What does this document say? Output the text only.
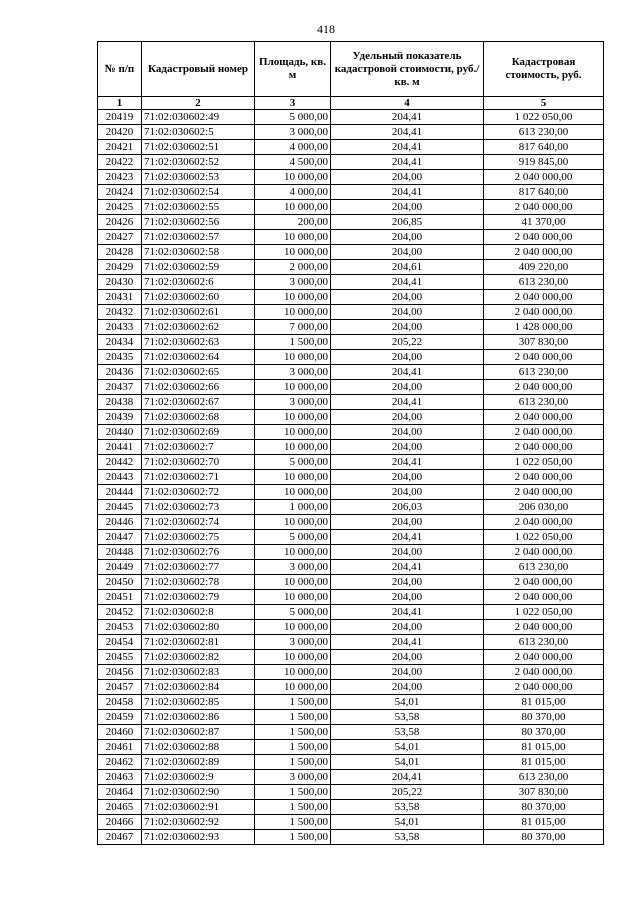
418
№ п/п	Кадастровый номер	Площадь, кв. м	Удельный показатель кадастровой стоимости, руб./кв. м	Кадастровая стоимость, руб.
1	2	3	4	5
20419	71:02:030602:49	5 000,00	204,41	1 022 050,00
20420	71:02:030602:5	3 000,00	204,41	613 230,00
20421	71:02:030602:51	4 000,00	204,41	817 640,00
20422	71:02:030602:52	4 500,00	204,41	919 845,00
20423	71:02:030602:53	10 000,00	204,00	2 040 000,00
20424	71:02:030602:54	4 000,00	204,41	817 640,00
20425	71:02:030602:55	10 000,00	204,00	2 040 000,00
20426	71:02:030602:56	200,00	206,85	41 370,00
20427	71:02:030602:57	10 000,00	204,00	2 040 000,00
20428	71:02:030602:58	10 000,00	204,00	2 040 000,00
20429	71:02:030602:59	2 000,00	204,61	409 220,00
20430	71:02:030602:6	3 000,00	204,41	613 230,00
20431	71:02:030602:60	10 000,00	204,00	2 040 000,00
20432	71:02:030602:61	10 000,00	204,00	2 040 000,00
20433	71:02:030602:62	7 000,00	204,00	1 428 000,00
20434	71:02:030602:63	1 500,00	205,22	307 830,00
20435	71:02:030602:64	10 000,00	204,00	2 040 000,00
20436	71:02:030602:65	3 000,00	204,41	613 230,00
20437	71:02:030602:66	10 000,00	204,00	2 040 000,00
20438	71:02:030602:67	3 000,00	204,41	613 230,00
20439	71:02:030602:68	10 000,00	204,00	2 040 000,00
20440	71:02:030602:69	10 000,00	204,00	2 040 000,00
20441	71:02:030602:7	10 000,00	204,00	2 040 000,00
20442	71:02:030602:70	5 000,00	204,41	1 022 050,00
20443	71:02:030602:71	10 000,00	204,00	2 040 000,00
20444	71:02:030602:72	10 000,00	204,00	2 040 000,00
20445	71:02:030602:73	1 000,00	206,03	206 030,00
20446	71:02:030602:74	10 000,00	204,00	2 040 000,00
20447	71:02:030602:75	5 000,00	204,41	1 022 050,00
20448	71:02:030602:76	10 000,00	204,00	2 040 000,00
20449	71:02:030602:77	3 000,00	204,41	613 230,00
20450	71:02:030602:78	10 000,00	204,00	2 040 000,00
20451	71:02:030602:79	10 000,00	204,00	2 040 000,00
20452	71:02:030602:8	5 000,00	204,41	1 022 050,00
20453	71:02:030602:80	10 000,00	204,00	2 040 000,00
20454	71:02:030602:81	3 000,00	204,41	613 230,00
20455	71:02:030602:82	10 000,00	204,00	2 040 000,00
20456	71:02:030602:83	10 000,00	204,00	2 040 000,00
20457	71:02:030602:84	10 000,00	204,00	2 040 000,00
20458	71:02:030602:85	1 500,00	54,01	81 015,00
20459	71:02:030602:86	1 500,00	53,58	80 370,00
20460	71:02:030602:87	1 500,00	53,58	80 370,00
20461	71:02:030602:88	1 500,00	54,01	81 015,00
20462	71:02:030602:89	1 500,00	54,01	81 015,00
20463	71:02:030602:9	3 000,00	204,41	613 230,00
20464	71:02:030602:90	1 500,00	205,22	307 830,00
20465	71:02:030602:91	1 500,00	53,58	80 370,00
20466	71:02:030602:92	1 500,00	54,01	81 015,00
20467	71:02:030602:93	1 500,00	53,58	80 370,00
